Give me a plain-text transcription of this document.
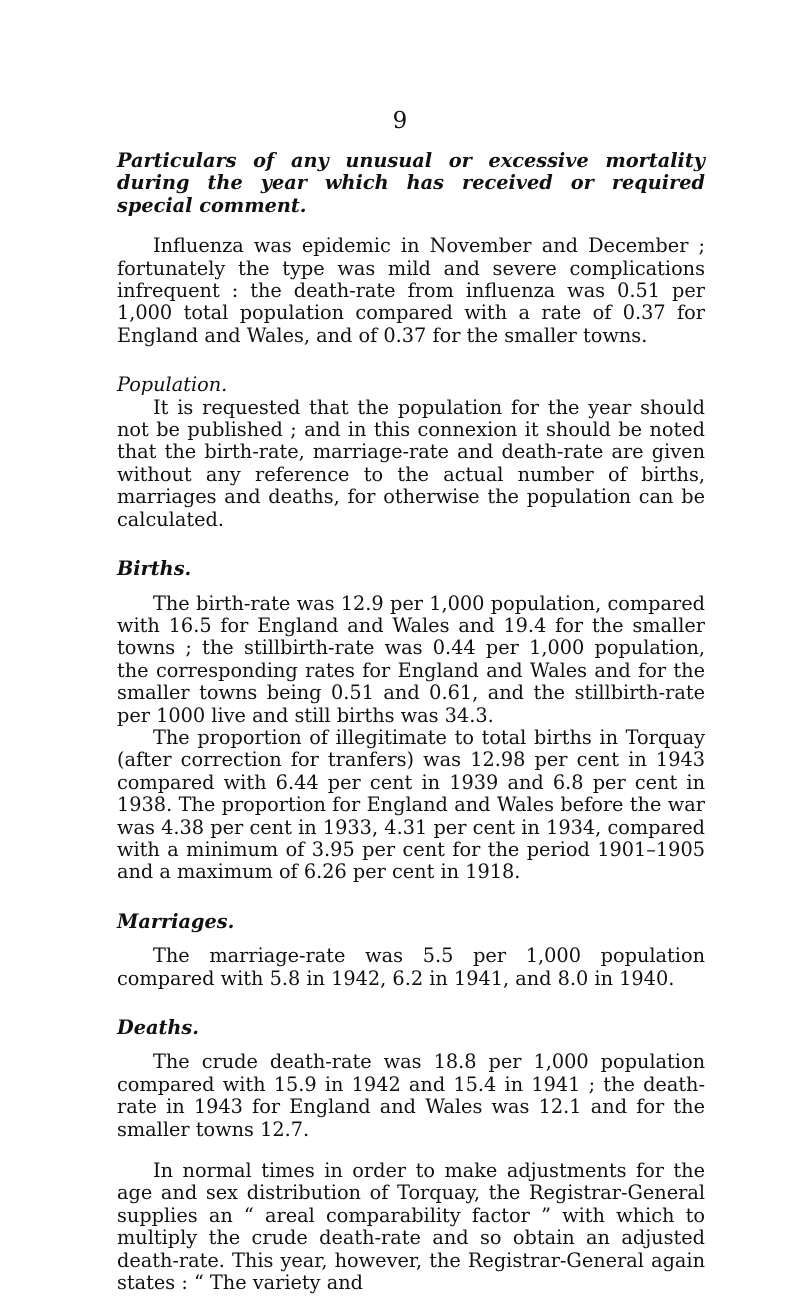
9

Particulars of any unusual or excessive mortality during the year which has received or required special comment.

Influenza was epidemic in November and December ; fortunately the type was mild and severe complications infrequent : the death-rate from influenza was 0.51 per 1,000 total population compared with a rate of 0.37 for England and Wales, and of 0.37 for the smaller towns.

Population.

It is requested that the population for the year should not be published ; and in this connexion it should be noted that the birth-rate, marriage-rate and death-rate are given without any reference to the actual number of births, marriages and deaths, for otherwise the population can be calculated.

Births.

The birth-rate was 12.9 per 1,000 population, compared with 16.5 for England and Wales and 19.4 for the smaller towns ; the stillbirth-rate was 0.44 per 1,000 population, the corresponding rates for England and Wales and for the smaller towns being 0.51 and 0.61, and the stillbirth-rate per 1000 live and still births was 34.3.

The proportion of illegitimate to total births in Torquay (after correction for tranfers) was 12.98 per cent in 1943 compared with 6.44 per cent in 1939 and 6.8 per cent in 1938. The proportion for England and Wales before the war was 4.38 per cent in 1933, 4.31 per cent in 1934, compared with a minimum of 3.95 per cent for the period 1901–1905 and a maximum of 6.26 per cent in 1918.

Marriages.

The marriage-rate was 5.5 per 1,000 population compared with 5.8 in 1942, 6.2 in 1941, and 8.0 in 1940.

Deaths.

The crude death-rate was 18.8 per 1,000 population compared with 15.9 in 1942 and 15.4 in 1941 ; the death-rate in 1943 for England and Wales was 12.1 and for the smaller towns 12.7.

In normal times in order to make adjustments for the age and sex distribution of Torquay, the Registrar-General supplies an “ areal comparability factor ” with which to multiply the crude death-rate and so obtain an adjusted death-rate. This year, however, the Registrar-General again states : “ The variety and
